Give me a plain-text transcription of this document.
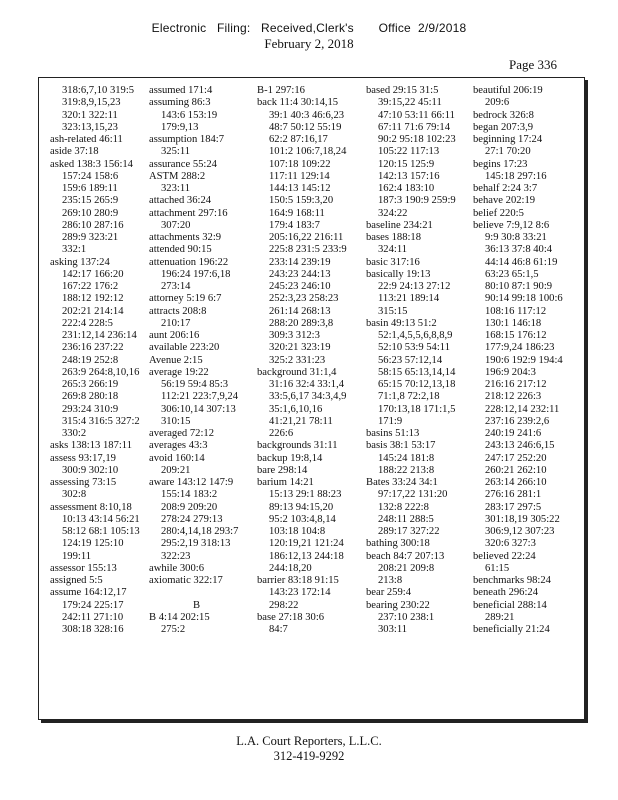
Electronic Filing: Received,Clerk's Office 2/9/2018
February 2, 2018
Page 336
318:6,7,10 319:5
319:8,9,15,23
320:1 322:11
323:13,15,23
ash-related 46:11
aside 37:18
asked 138:3 156:14
157:24 158:6
159:6 189:11
235:15 265:9
269:10 280:9
286:10 287:16
289:9 323:21
332:1
asking 137:24
142:17 166:20
167:22 176:2
188:12 192:12
202:21 214:14
222:4 228:5
231:12,14 236:14
236:16 237:22
248:19 252:8
263:9 264:8,10,16
265:3 266:19
269:8 280:18
293:24 310:9
315:4 316:5 327:2
330:2
asks 138:13 187:11
assess 93:17,19
300:9 302:10
assessing 73:15
302:8
assessment 8:10,18
10:13 43:14 56:21
58:12 68:1 105:13
124:19 125:10
199:11
assessor 155:13
assigned 5:5
assume 164:12,17
179:24 225:17
242:11 271:10
308:18 328:16
assumed 171:4
assuming 86:3
143:6 153:19
179:9,13
assumption 184:7
325:11
assurance 55:24
ASTM 288:2
323:11
attached 36:24
attachment 297:16
307:20
attachments 32:9
attended 90:15
attenuation 196:22
196:24 197:6,18
273:14
attorney 5:19 6:7
attracts 208:8
210:17
aunt 206:16
available 223:20
Avenue 2:15
average 19:22
56:19 59:4 85:3
112:21 223:7,9,24
306:10,14 307:13
310:15
averaged 72:12
averages 43:3
avoid 160:14
209:21
aware 143:12 147:9
155:14 183:2
208:9 209:20
278:24 279:13
280:4,14,18 293:7
295:2,19 318:13
322:23
awhile 300:6
axiomatic 322:17

B
B 4:14 202:15
275:2
B-1 297:16
back 11:4 30:14,15
39:1 40:3 46:6,23
48:7 50:12 55:19
62:2 87:16,17
101:2 106:7,18,24
107:18 109:22
117:11 129:14
144:13 145:12
150:5 159:3,20
164:9 168:11
179:4 183:7
205:16,22 216:11
225:8 231:5 233:9
233:14 239:19
243:23 244:13
245:23 246:10
252:3,23 258:23
261:14 268:13
288:20 289:3,8
309:3 312:3
320:21 323:19
325:2 331:23
background 31:1,4
31:16 32:4 33:1,4
33:5,6,17 34:3,4,9
35:1,6,10,16
41:21,21 78:11
226:6
backgrounds 31:11
backup 19:8,14
bare 298:14
barium 14:21
15:13 29:1 88:23
89:13 94:15,20
95:2 103:4,8,14
103:18 104:8
120:19,21 121:24
186:12,13 244:18
244:18,20
barrier 83:18 91:15
143:23 172:14
298:22
base 27:18 30:6
84:7
based 29:15 31:5
39:15,22 45:11
47:10 53:11 66:11
67:11 71:6 79:14
90:2 95:18 102:23
105:22 117:13
120:15 125:9
142:13 157:16
162:4 183:10
187:3 190:9 259:9
324:22
baseline 234:21
bases 188:18
324:11
basic 317:16
basically 19:13
22:9 24:13 27:12
113:21 189:14
315:15
basin 49:13 51:2
52:1,4,5,5,6,8,8,9
52:10 53:9 54:11
56:23 57:12,14
58:15 65:13,14,14
65:15 70:12,13,18
71:1,8 72:2,18
170:13,18 171:1,5
171:9
basins 51:13
basis 38:1 53:17
145:24 181:8
188:22 213:8
Bates 33:24 34:1
97:17,22 131:20
132:8 222:8
248:11 288:5
289:17 327:22
bathing 300:18
beach 84:7 207:13
208:21 209:8
213:8
bear 259:4
bearing 230:22
237:10 238:1
303:11
beautiful 206:19
209:6
bedrock 326:8
began 207:3,9
beginning 17:24
27:1 70:20
begins 17:23
145:18 297:16
behalf 2:24 3:7
behave 202:19
belief 220:5
believe 7:9,12 8:6
9:9 30:8 33:21
36:13 37:8 40:4
44:14 46:8 61:19
63:23 65:1,5
80:10 87:1 90:9
90:14 99:18 100:6
108:16 117:12
130:1 146:18
168:15 176:12
177:9,24 186:23
190:6 192:9 194:4
196:9 204:3
216:16 217:12
218:12 226:3
228:12,14 232:11
237:16 239:2,6
240:19 241:6
243:13 246:6,15
247:17 252:20
260:21 262:10
263:14 266:10
276:16 281:1
283:17 297:5
301:18,19 305:22
306:9,12 307:23
320:6 327:3
believed 22:24
61:15
benchmarks 98:24
beneath 296:24
beneficial 288:14
289:21
beneficially 21:24
L.A. Court Reporters, L.L.C.
312-419-9292
